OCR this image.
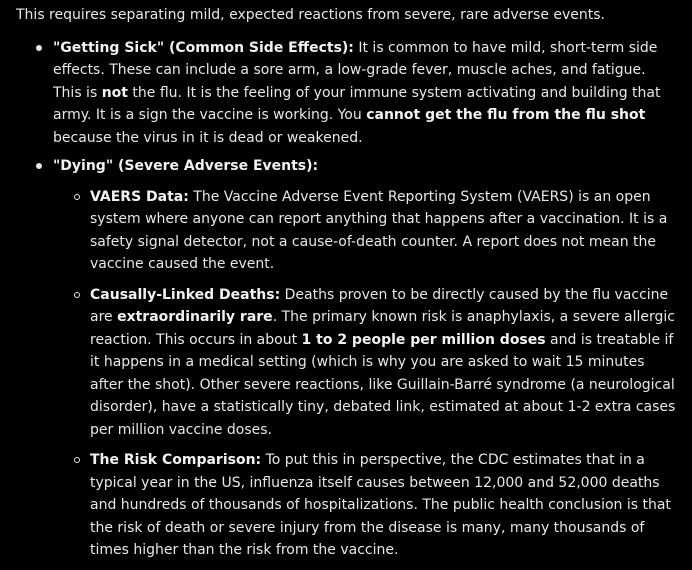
This requires separating mild, expected reactions from severe, rare adverse events.

"Getting Sick" (Common Side Effects): It is common to have mild, short-term side effects. These can include a sore arm, a low-grade fever, muscle aches, and fatigue. This is not the flu. It is the feeling of your immune system activating and building that army. It is a sign the vaccine is working. You cannot get the flu from the flu shot because the virus in it is dead or weakened.
"Dying" (Severe Adverse Events):
VAERS Data: The Vaccine Adverse Event Reporting System (VAERS) is an open system where anyone can report anything that happens after a vaccination. It is a safety signal detector, not a cause-of-death counter. A report does not mean the vaccine caused the event.
Causally-Linked Deaths: Deaths proven to be directly caused by the flu vaccine are extraordinarily rare. The primary known risk is anaphylaxis, a severe allergic reaction. This occurs in about 1 to 2 people per million doses and is treatable if it happens in a medical setting (which is why you are asked to wait 15 minutes after the shot). Other severe reactions, like Guillain-Barré syndrome (a neurological disorder), have a statistically tiny, debated link, estimated at about 1-2 extra cases per million vaccine doses.
The Risk Comparison: To put this in perspective, the CDC estimates that in a typical year in the US, influenza itself causes between 12,000 and 52,000 deaths and hundreds of thousands of hospitalizations. The public health conclusion is that the risk of death or severe injury from the disease is many, many thousands of times higher than the risk from the vaccine.
